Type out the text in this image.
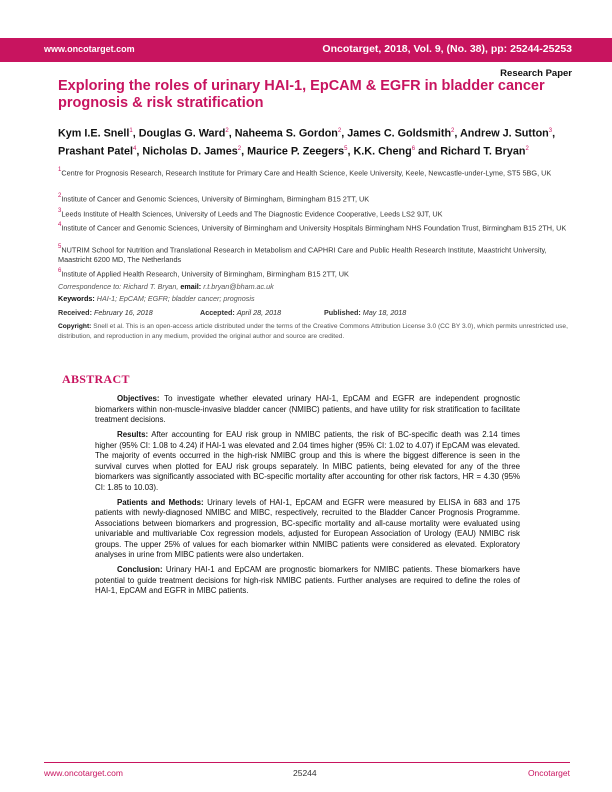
www.oncotarget.com	Oncotarget, 2018, Vol. 9, (No. 38), pp: 25244-25253
Research Paper
Exploring the roles of urinary HAI-1, EpCAM & EGFR in bladder cancer prognosis & risk stratification

Kym I.E. Snell$^1$, Douglas G. Ward$^2$, Naheema S. Gordon$^2$, James C. Goldsmith$^2$, Andrew J. Sutton$^3$, Prashant Patel$^4$, Nicholas D. James$^2$, Maurice P. Zeegers$^5$, K.K. Cheng$^6$ and Richard T. Bryan$^2$

$^1$Centre for Prognosis Research, Research Institute for Primary Care and Health Science, Keele University, Keele, Newcastle-under-Lyme, ST5 5BG, UK

$^2$Institute of Cancer and Genomic Sciences, University of Birmingham, Birmingham B15 2TT, UK

$^3$Leeds Institute of Health Sciences, University of Leeds and The Diagnostic Evidence Cooperative, Leeds LS2 9JT, UK

$^4$Institute of Cancer and Genomic Sciences, University of Birmingham and University Hospitals Birmingham NHS Foundation Trust, Birmingham B15 2TH, UK

$^5$NUTRIM School for Nutrition and Translational Research in Metabolism and CAPHRI Care and Public Health Research Institute, Maastricht University, Maastricht 6200 MD, The Netherlands

$^6$Institute of Applied Health Research, University of Birmingham, Birmingham B15 2TT, UK

Correspondence to: Richard T. Bryan, email: r.t.bryan@bham.ac.uk

Keywords: HAI-1; EpCAM; EGFR; bladder cancer; prognosis

Received: February 16, 2018	Accepted: April 28, 2018	Published: May 18, 2018

Copyright: Snell et al. This is an open-access article distributed under the terms of the Creative Commons Attribution License 3.0 (CC BY 3.0), which permits unrestricted use, distribution, and reproduction in any medium, provided the original author and source are credited.

ABSTRACT

Objectives: To investigate whether elevated urinary HAI-1, EpCAM and EGFR are independent prognostic biomarkers within non-muscle-invasive bladder cancer (NMIBC) patients, and have utility for risk stratification to facilitate treatment decisions.

Results: After accounting for EAU risk group in NMIBC patients, the risk of BC-specific death was 2.14 times higher (95% CI: 1.08 to 4.24) if HAI-1 was elevated and 2.04 times higher (95% CI: 1.02 to 4.07) if EpCAM was elevated. The majority of events occurred in the high-risk NMIBC group and this is where the biggest difference is seen in the survival curves when plotted for EAU risk groups separately. In MIBC patients, being elevated for any of the three biomarkers was significantly associated with BC-specific mortality after accounting for other risk factors, HR = 4.30 (95% CI: 1.85 to 10.03).

Patients and Methods: Urinary levels of HAI-1, EpCAM and EGFR were measured by ELISA in 683 and 175 patients with newly-diagnosed NMIBC and MIBC, respectively, recruited to the Bladder Cancer Prognosis Programme. Associations between biomarkers and progression, BC-specific mortality and all-cause mortality were evaluated using univariable and multivariable Cox regression models, adjusted for European Association of Urology (EAU) NMIBC risk groups. The upper 25% of values for each biomarker within NMIBC patients were considered as elevated. Exploratory analyses in urine from MIBC patients were also undertaken.

Conclusion: Urinary HAI-1 and EpCAM are prognostic biomarkers for NMIBC patients. These biomarkers have potential to guide treatment decisions for high-risk NMIBC patients. Further analyses are required to define the roles of HAI-1, EpCAM and EGFR in MIBC patients.

www.oncotarget.com	25244	Oncotarget
